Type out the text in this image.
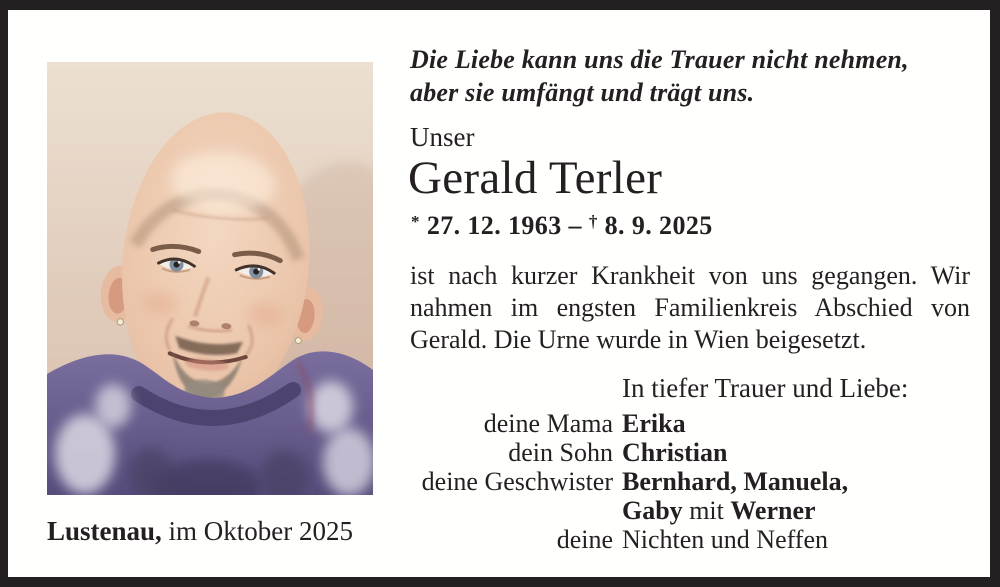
Die Liebe kann uns die Trauer nicht nehmen,
aber sie umfängt und trägt uns.
Unser
Gerald Terler
* 27. 12. 1963 – † 8. 9. 2025

ist nach kurzer Krankheit von uns gegangen. Wir nahmen im engsten Familienkreis Abschied von Gerald. Die Urne wurde in Wien beigesetzt.

In tiefer Trauer und Liebe:
deine Mama Erika
dein Sohn Christian
deine Geschwister Bernhard, Manuela,
Gaby mit Werner
deine Nichten und Neffen
Lustenau, im Oktober 2025
